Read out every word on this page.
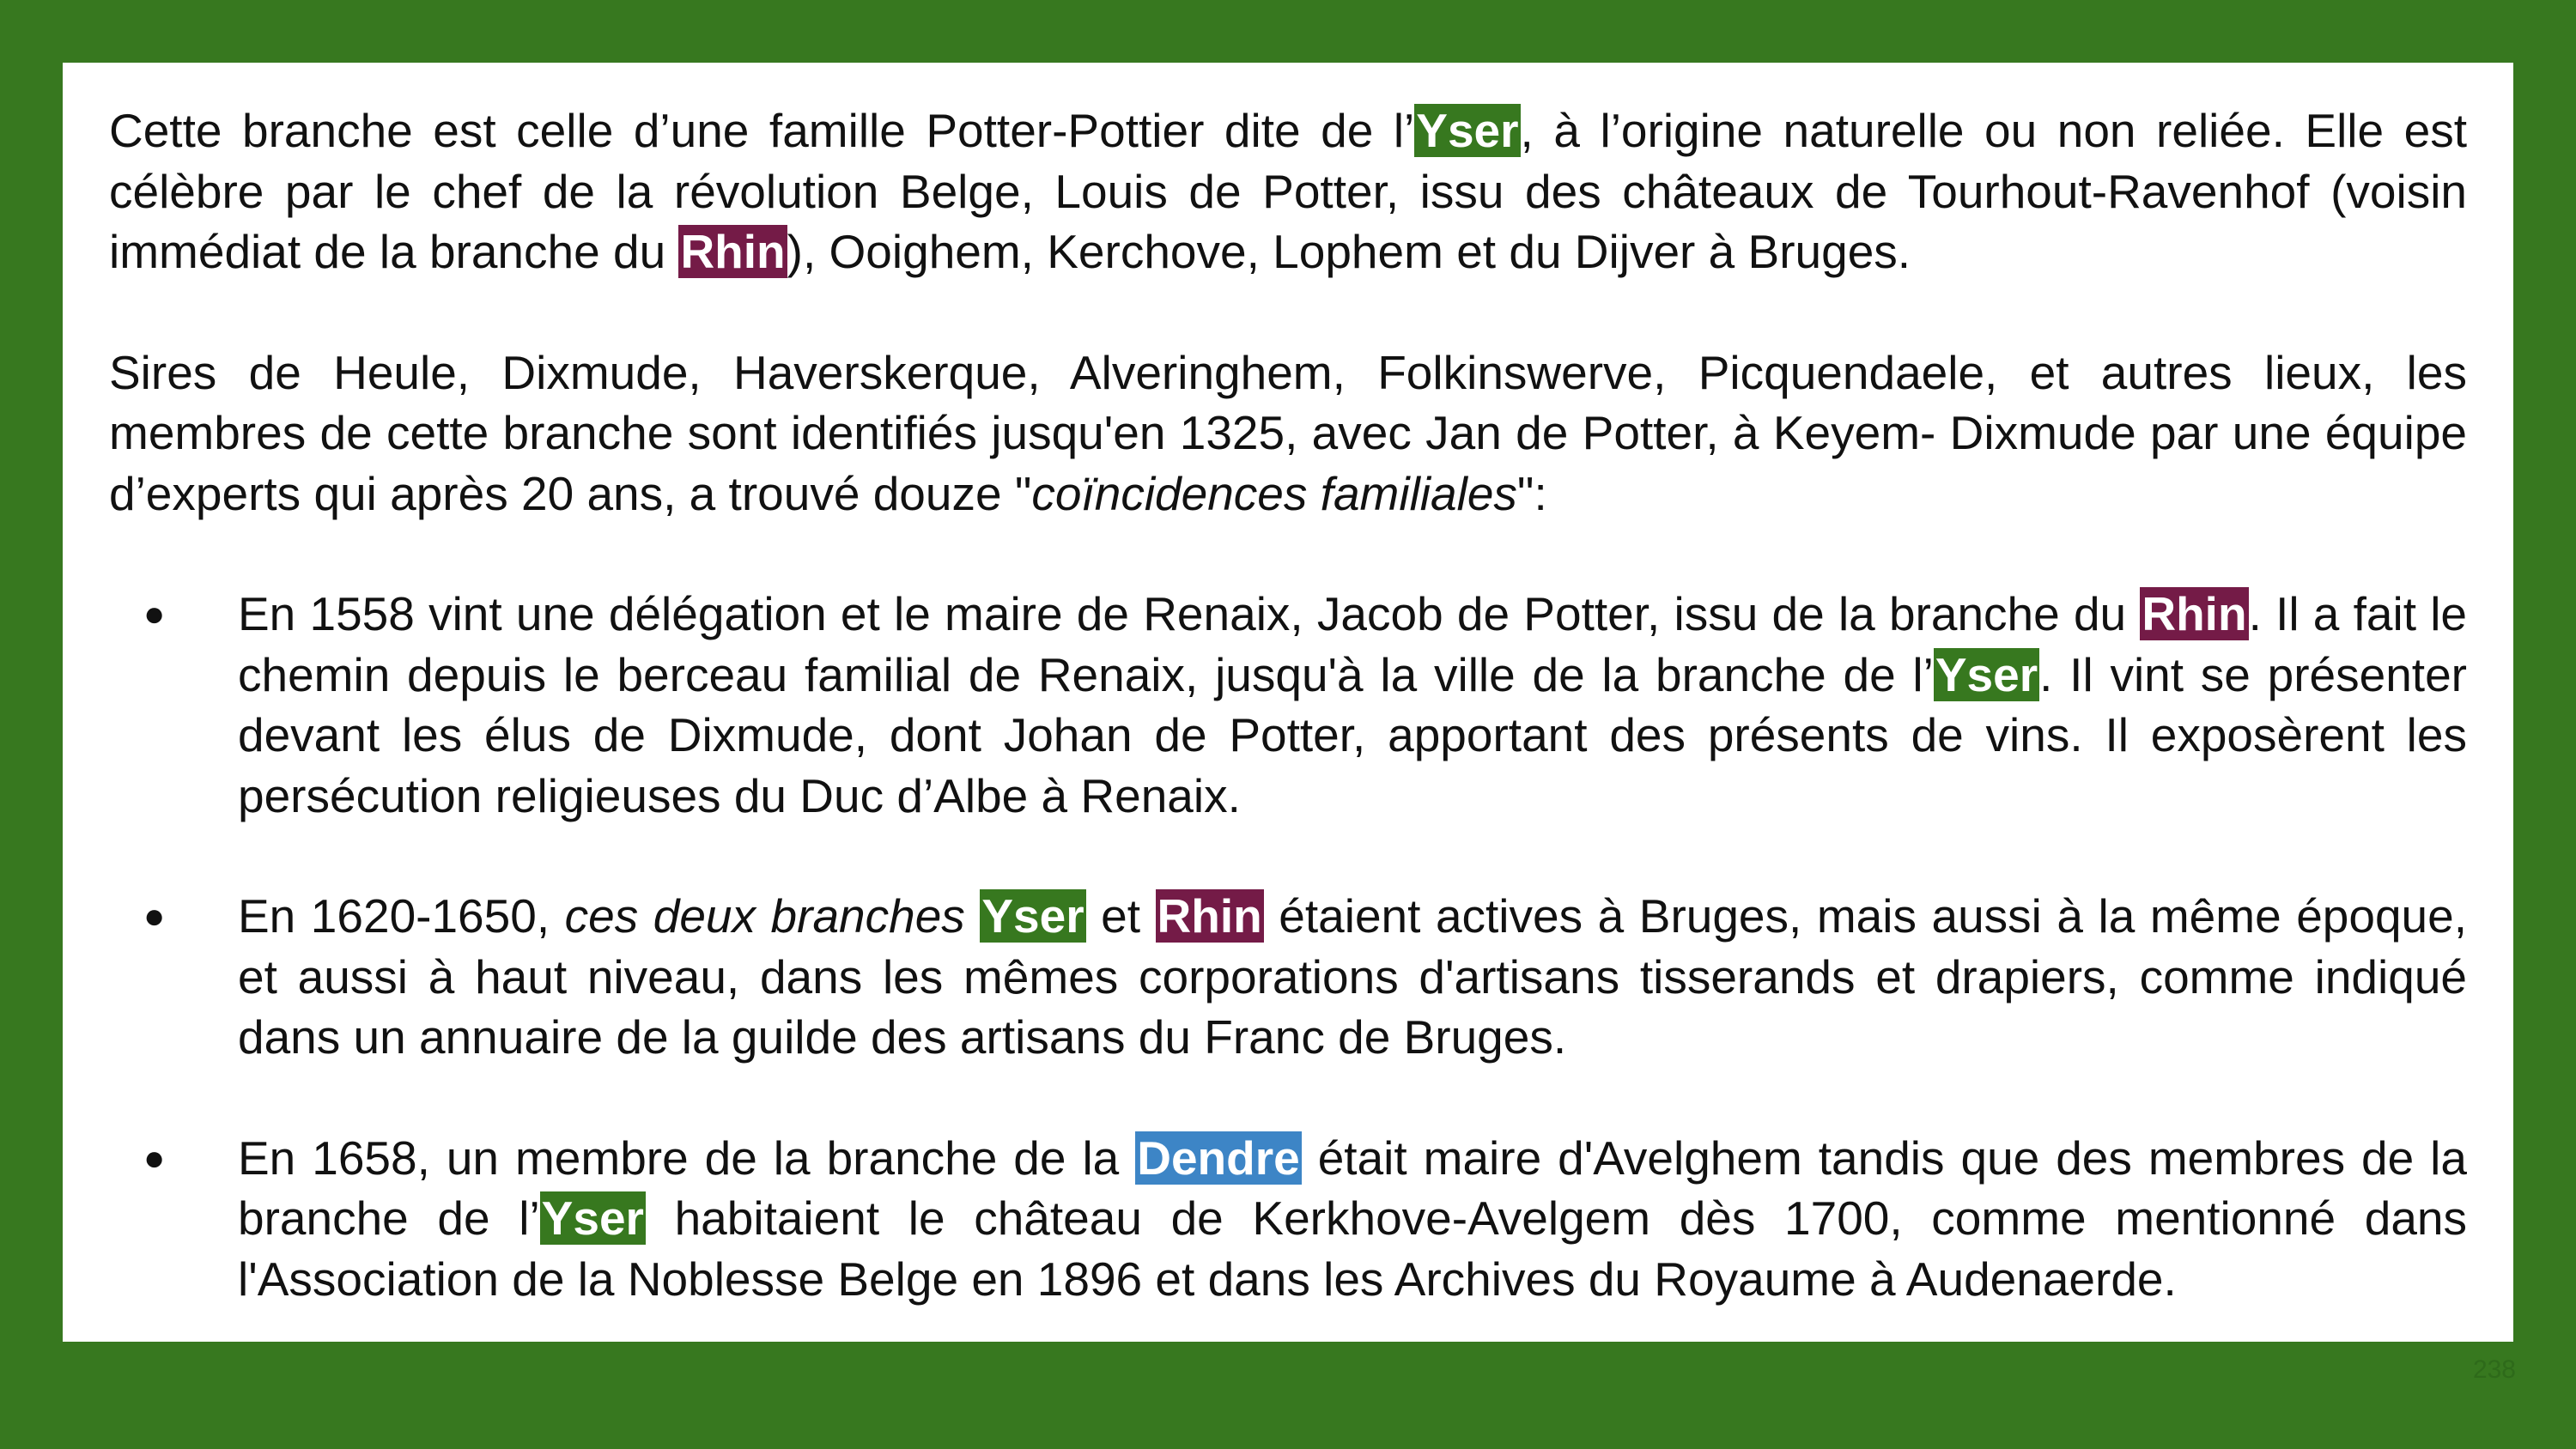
Cette branche est celle d’une famille Potter-Pottier dite de l’Yser, à l’origine naturelle ou non reliée. Elle est célèbre par le chef de la révolution Belge, Louis de Potter, issu des châteaux de Tourhout-Ravenhof (voisin immédiat de la branche du Rhin), Ooighem, Kerchove, Lophem et du Dijver à Bruges.

Sires de Heule, Dixmude, Haverskerque, Alveringhem, Folkinswerve, Picquendaele, et autres lieux, les membres de cette branche sont identifiés jusqu'en 1325, avec Jan de Potter, à Keyem- Dixmude par une équipe d’experts qui après 20 ans, a trouvé douze "coïncidences familiales":

● En 1558 vint une délégation et le maire de Renaix, Jacob de Potter, issu de la branche du Rhin. Il a fait le chemin depuis le berceau familial de Renaix, jusqu'à la ville de la branche de l’Yser. Il vint se présenter devant les élus de Dixmude, dont Johan de Potter, apportant des présents de vins. Il exposèrent les persécution religieuses du Duc d’Albe à Renaix.

● En 1620-1650, ces deux branches Yser et Rhin étaient actives à Bruges, mais aussi à la même époque, et aussi à haut niveau, dans les mêmes corporations d'artisans tisserands et drapiers, comme indiqué dans un annuaire de la guilde des artisans du Franc de Bruges.

● En 1658, un membre de la branche de la Dendre était maire d'Avelghem tandis que des membres de la branche de l’Yser habitaient le château de Kerkhove-Avelgem dès 1700, comme mentionné dans l'Association de la Noblesse Belge en 1896 et dans les Archives du Royaume à Audenaerde.

238
